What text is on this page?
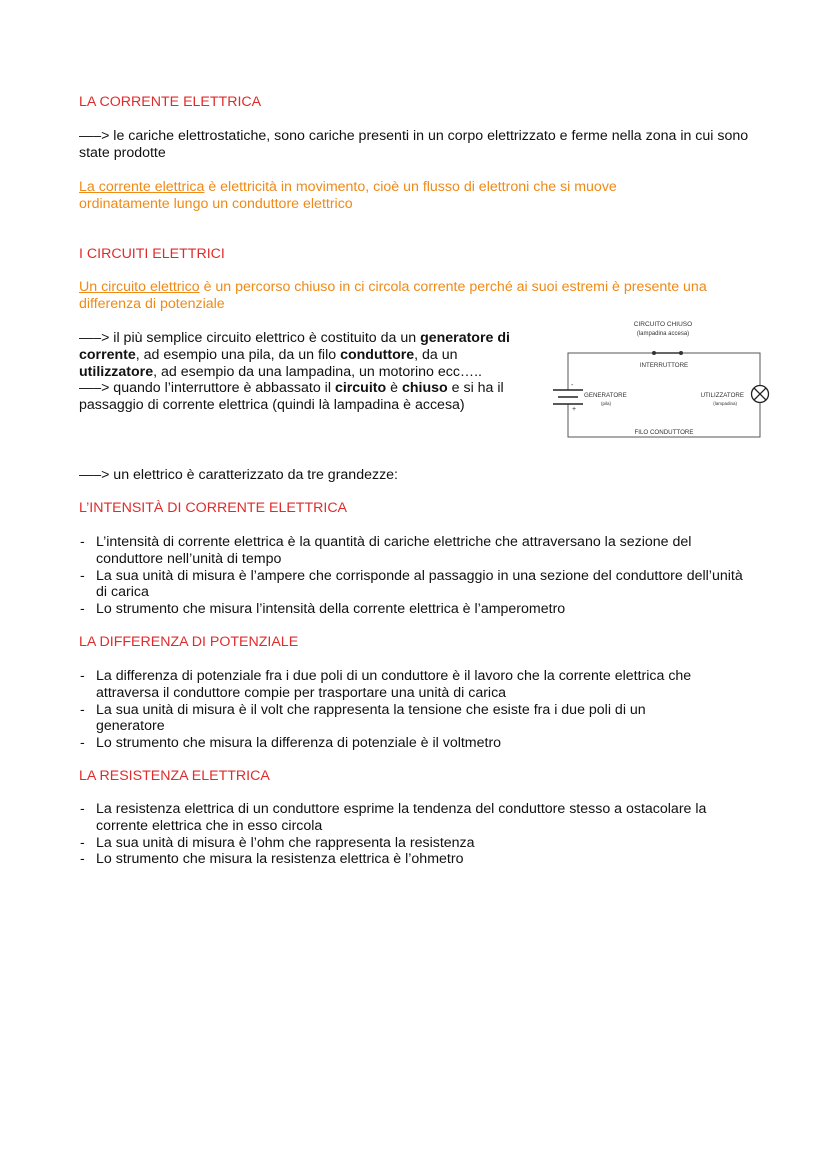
LA CORRENTE ELETTRICA

—–> le cariche elettrostatiche, sono cariche presenti in un corpo elettrizzato e ferme nella zona in cui sono state prodotte

La corrente elettrica è elettricità in movimento, cioè un flusso di elettroni che si muove ordinatamente lungo un conduttore elettrico

I CIRCUITI ELETTRICI

Un circuito elettrico è un percorso chiuso in ci circola corrente perché ai suoi estremi è presente una differenza di potenziale

—–> il più semplice circuito elettrico è costituito da un generatore di corrente, ad esempio una pila, da un filo conduttore, da un utilizzatore, ad esempio da una lampadina, un motorino ecc…..
—–> quando l’interruttore è abbassato il circuito è chiuso e si ha il passaggio di corrente elettrica (quindi là lampadina è accesa)

—–> un elettrico è caratterizzato da tre grandezze:

L’INTENSITÀ DI CORRENTE ELETTRICA

- L’intensità di corrente elettrica è la quantità di cariche elettriche che attraversano la sezione del conduttore nell’unità di tempo
- La sua unità di misura è l’ampere che corrisponde al passaggio in una sezione del conduttore dell’unità di carica
- Lo strumento che misura l’intensità della corrente elettrica è l’amperometro

LA DIFFERENZA DI POTENZIALE

- La differenza di potenziale fra i due poli di un conduttore è il lavoro che la corrente elettrica che attraversa il conduttore compie per trasportare una unità di carica
- La sua unità di misura è il volt che rappresenta la tensione che esiste fra i due poli di un generatore
- Lo strumento che misura la differenza di potenziale è il voltmetro

LA RESISTENZA ELETTRICA

- La resistenza elettrica di un conduttore esprime la tendenza del conduttore stesso a ostacolare la corrente elettrica che in esso circola
- La sua unità di misura è l’ohm che rappresenta la resistenza
- Lo strumento che misura la resistenza elettrica è l’ohmetro
CIRCUITO CHIUSO
(lampadina accesa)
INTERRUTTORE
-
+
GENERATORE
(pila)
UTILIZZATORE
(lampadina)
FILO CONDUTTORE
